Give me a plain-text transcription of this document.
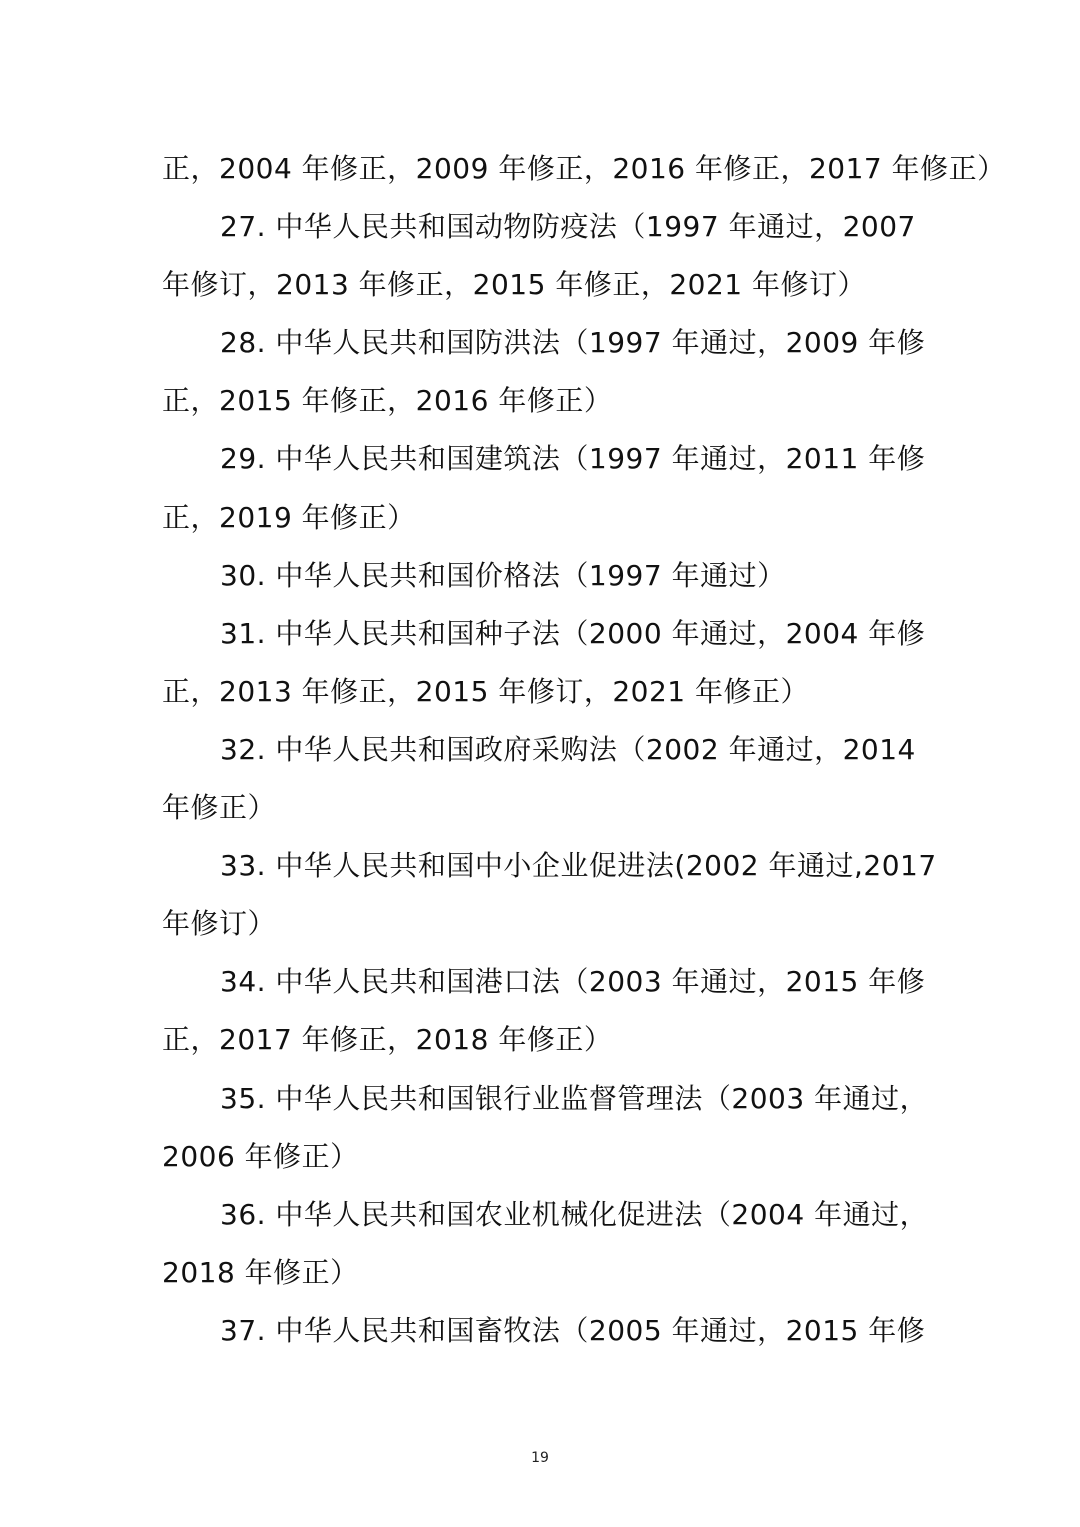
正，2004 年修正，2009 年修正，2016 年修正，2017 年修正）
27. 中华人民共和国动物防疫法（1997 年通过，2007
年修订，2013 年修正，2015 年修正，2021 年修订）
28. 中华人民共和国防洪法（1997 年通过，2009 年修
正，2015 年修正，2016 年修正）
29. 中华人民共和国建筑法（1997 年通过，2011 年修
正，2019 年修正）
30. 中华人民共和国价格法（1997 年通过）
31. 中华人民共和国种子法（2000 年通过，2004 年修
正，2013 年修正，2015 年修订，2021 年修正）
32. 中华人民共和国政府采购法（2002 年通过，2014
年修正）
33. 中华人民共和国中小企业促进法(2002 年通过,2017
年修订）
34. 中华人民共和国港口法（2003 年通过，2015 年修
正，2017 年修正，2018 年修正）
35. 中华人民共和国银行业监督管理法（2003 年通过，
2006 年修正）
36. 中华人民共和国农业机械化促进法（2004 年通过，
2018 年修正）
37. 中华人民共和国畜牧法（2005 年通过，2015 年修
19
